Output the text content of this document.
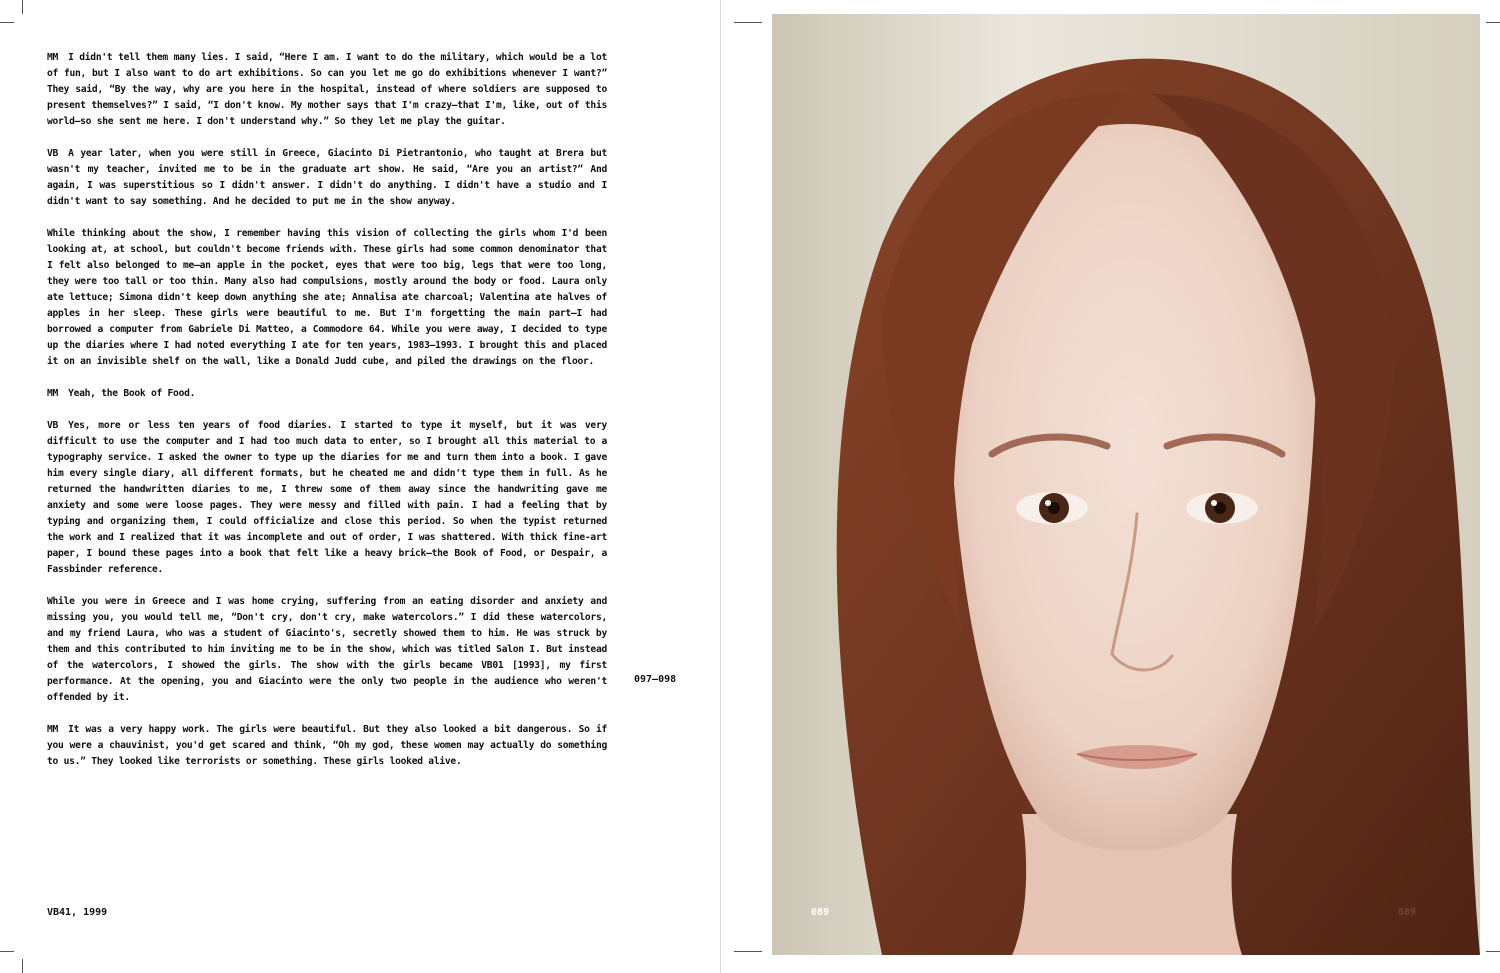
MM I didn't tell them many lies. I said, “Here I am. I want to do the military, which would be a lot of fun, but I also want to do art exhibitions. So can you let me go do exhibitions whenever I want?” They said, “By the way, why are you here in the hospital, instead of where soldiers are supposed to present themselves?” I said, “I don't know. My mother says that I'm crazy—that I'm, like, out of this world—so she sent me here. I don't understand why.” So they let me play the guitar.

VB A year later, when you were still in Greece, Giacinto Di Pietrantonio, who taught at Brera but wasn't my teacher, invited me to be in the graduate art show. He said, “Are you an artist?” And again, I was superstitious so I didn't answer. I didn't do anything. I didn't have a studio and I didn't want to say something. And he decided to put me in the show anyway.

While thinking about the show, I remember having this vision of collecting the girls whom I'd been looking at, at school, but couldn't become friends with. These girls had some common denominator that I felt also belonged to me—an apple in the pocket, eyes that were too big, legs that were too long, they were too tall or too thin. Many also had compulsions, mostly around the body or food. Laura only ate lettuce; Simona didn't keep down anything she ate; Annalisa ate charcoal; Valentina ate halves of apples in her sleep. These girls were beautiful to me. But I'm forgetting the main part—I had borrowed a computer from Gabriele Di Matteo, a Commodore 64. While you were away, I decided to type up the diaries where I had noted everything I ate for ten years, 1983–1993. I brought this and placed it on an invisible shelf on the wall, like a Donald Judd cube, and piled the drawings on the floor.

MM Yeah, the Book of Food.

VB Yes, more or less ten years of food diaries. I started to type it myself, but it was very difficult to use the computer and I had too much data to enter, so I brought all this material to a typography service. I asked the owner to type up the diaries for me and turn them into a book. I gave him every single diary, all different formats, but he cheated me and didn't type them in full. As he returned the handwritten diaries to me, I threw some of them away since the handwriting gave me anxiety and some were loose pages. They were messy and filled with pain. I had a feeling that by typing and organizing them, I could officialize and close this period. So when the typist returned the work and I realized that it was incomplete and out of order, I was shattered. With thick fine-art paper, I bound these pages into a book that felt like a heavy brick—the Book of Food, or Despair, a Fassbinder reference.

While you were in Greece and I was home crying, suffering from an eating disorder and anxiety and missing you, you would tell me, “Don't cry, don't cry, make watercolors.” I did these watercolors, and my friend Laura, who was a student of Giacinto's, secretly showed them to him. He was struck by them and this contributed to him inviting me to be in the show, which was titled Salon I. But instead of the watercolors, I showed the girls. The show with the girls became VB01 [1993], my first performance. At the opening, you and Giacinto were the only two people in the audience who weren't offended by it.

MM It was a very happy work. The girls were beautiful. But they also looked a bit dangerous. So if you were a chauvinist, you'd get scared and think, “Oh my god, these women may actually do something to us.” They looked like terrorists or something. These girls looked alive.

097–098
VB41, 1999	089	089
